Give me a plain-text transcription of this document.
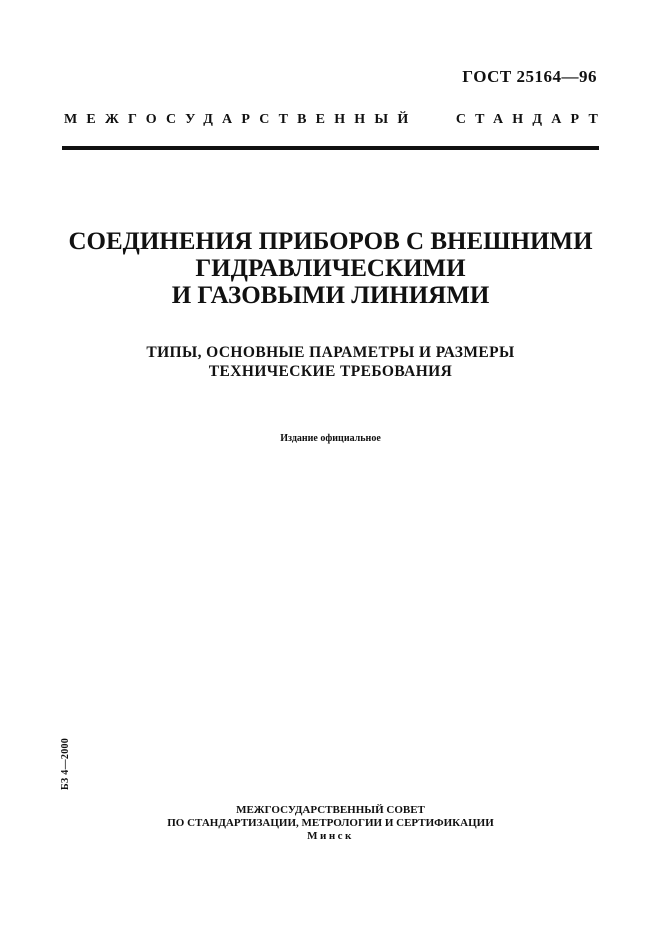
ГОСТ 25164—96
МЕЖГОСУДАРСТВЕННЫЙ	СТАНДАРТ
СОЕДИНЕНИЯ ПРИБОРОВ С ВНЕШНИМИ
ГИДРАВЛИЧЕСКИМИ
И ГАЗОВЫМИ ЛИНИЯМИ
ТИПЫ, ОСНОВНЫЕ ПАРАМЕТРЫ И РАЗМЕРЫ
ТЕХНИЧЕСКИЕ ТРЕБОВАНИЯ
Издание официальное
БЗ 4—2000
МЕЖГОСУДАРСТВЕННЫЙ СОВЕТ
ПО СТАНДАРТИЗАЦИИ, МЕТРОЛОГИИ И СЕРТИФИКАЦИИ
Минск
